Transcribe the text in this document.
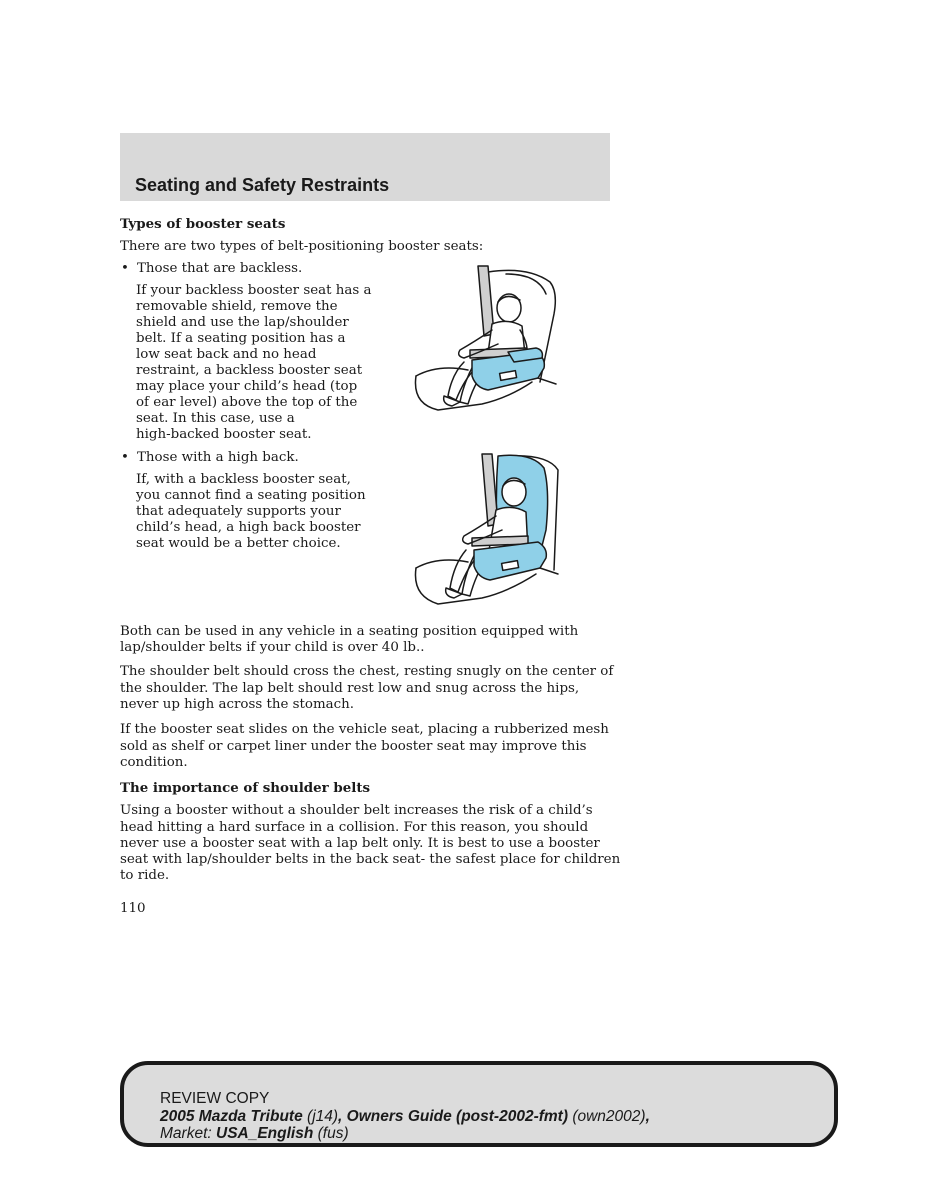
Seating and Safety Restraints

Types of booster seats

There are two types of belt-positioning booster seats:

• Those that are backless.

If your backless booster seat has a

removable shield, remove the

shield and use the lap/shoulder

belt. If a seating position has a

low seat back and no head

restraint, a backless booster seat

may place your child’s head (top

of ear level) above the top of the

seat. In this case, use a

high-backed booster seat.

• Those with a high back.

If, with a backless booster seat,

you cannot find a seating position

that adequately supports your

child’s head, a high back booster

seat would be a better choice.

Both can be used in any vehicle in a seating position equipped with

lap/shoulder belts if your child is over 40 lb..

The shoulder belt should cross the chest, resting snugly on the center of

the shoulder. The lap belt should rest low and snug across the hips,

never up high across the stomach.

If the booster seat slides on the vehicle seat, placing a rubberized mesh

sold as shelf or carpet liner under the booster seat may improve this

condition.

The importance of shoulder belts

Using a booster without a shoulder belt increases the risk of a child’s

head hitting a hard surface in a collision. For this reason, you should

never use a booster seat with a lap belt only. It is best to use a booster

seat with lap/shoulder belts in the back seat- the safest place for children

to ride.

110

REVIEW COPY

2005 Mazda Tribute (j14), Owners Guide (post-2002-fmt) (own2002),

Market: USA_English (fus)
